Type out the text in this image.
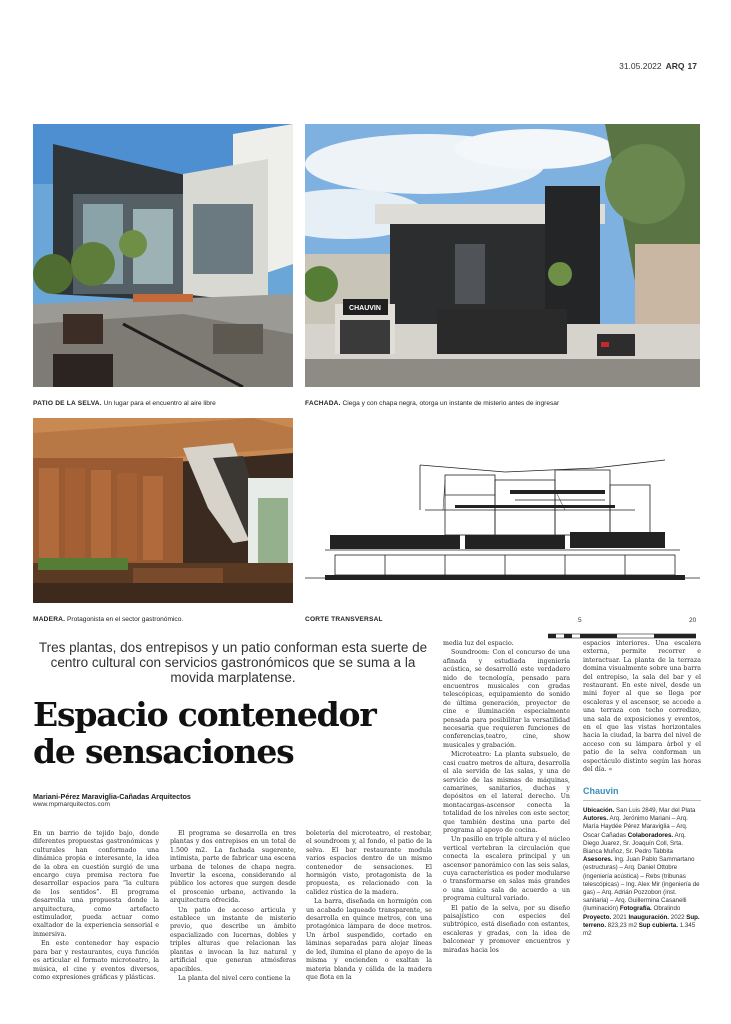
31.05.2022 ARQ 17
PATIO DE LA SELVA. Un lugar para el encuentro al aire libre
CHAUVIN
FACHADA. Ciega y con chapa negra, otorga un instante de misterio antes de ingresar
MADERA. Protagonista en el sector gastronómico.	CORTE TRANSVERSAL	5	20
Tres plantas, dos entrepisos y un patio conforman esta suerte de centro cultural con servicios gastronómicos que se suma a la movida marplatense.
Espacio contenedor
de sensaciones
Mariani-Pérez Maraviglia-Cañadas Arquitectos
www.mpmarquitectos.com

En un barrio de tejido bajo, donde diferentes propuestas gastronómicas y culturales han conformado una dinámica propia e interesante, la idea de la obra en cuestión surgió de una encargo cuya premisa rectora fue desarrollar espacios para “la cultura de los sentidos”. El programa desarrolla una propuesta donde la arquitectura, como artefacto estimulador, pueda actuar como exaltador de la experiencia sensorial e inmersiva.

En este contenedor hay espacio para bar y restaurantes, cuya función es articular el formato microteatro, la música, el cine y eventos diversos, como expresiones gráficas y plásticas.

El programa se desarrolla en tres plantas y dos entrepisos en un total de 1.500 m2. La fachada sugerente, intimista, parte de fabricar una escena urbana de telones de chapa negra. Invertir la escena, considerando al público los actores que surgen desde el proscenio urbano, activando la arquitectura ofrecida.

Un patio de acceso articula y establece un instante de misterio previo, que describe un ámbito espacializado con lucernas, dobles y triples alturas que relacionan las plantas e invocan la luz natural y artificial que generan atmósferas apacibles.

La planta del nivel cero contiene la

boletería del microteatro, el restobar, el soundroom y, al fondo, el patio de la selva. El bar restaurante modula varios espacios dentro de un mismo contenedor de sensaciones. El hormigón visto, protagonista de la propuesta, es relacionado con la calidez rústica de la madera.

La barra, diseñada en hormigón con un acabado laqueado transparente, se desarrolla en quince metros, con una protagónica lámpara de doce metros. Un árbol suspendido, cortado en láminas separadas para alojar líneas de led, ilumina el plano de apoyo de la misma y encienden o exaltan la materia blanda y cálida de la madera que flota en la

media luz del espacio.

Soundroom: Con el concurso de una afinada y estudiada ingeniería acústica, se desarrolló este verdadero nido de tecnología, pensado para encuentros musicales con gradas telescópicas, equipamiento de sonido de última generación, proyector de cine e iluminación especialmente pensada para posibilitar la versatilidad necesaria que requieren funciones de conferencias,teatro, cine, show musicales y grabación.

Microteatro: La planta subsuelo, de casi cuatro metros de altura, desarrolla el ala servida de las salas, y una de servicio de las mismas de máquinas, camarines, sanitarios, duchas y depósitos en el lateral derecho. Un montacargas-ascensor conecta la totalidad de los niveles con este sector, que también destina una parte del programa al apoyo de cocina.

Un pasillo en triple altura y el núcleo vertical vertebran la circulación que conecta la escalera principal y un ascensor panorámico con las seis salas, cuya característica es poder modularse o transformarse en salas más grandes o una única sala de acuerdo a un programa cultural variado.

El patio de la selva, por su diseño paisajístico con especies del subtrópico, está diseñado con estantes, escaleras y gradas, con la idea de balconear y promover encuentros y miradas hacia los

espacios interiores. Una escalera externa, permite recorrer e interactuar. La planta de la terraza domina visualmente sobre una barra del entrepiso, la sala del bar y el restaurant. En este nivel, desde un mini foyer al que se llega por escaleras y el ascensor, se accede a una terraza con techo corredizo, una sala de exposiciones y eventos, en el que las vistas horizontales hacia la ciudad, la barra del nivel de acceso con su lámpara árbol y el patio de la selva conforman un espectáculo distinto según las horas del día. «

Chauvin
Ubicación. San Luis 2849, Mar del Plata Autores. Arq. Jerónimo Mariani – Arq. María Haydée Pérez Maraviglia – Arq. Oscar Cañadas Colaboradores. Arq. Diego Juarez, Sr. Joaquín Coll, Srta. Bianca Muñoz, Sr. Pedro Tabbita Asesores. Ing. Juan Pablo Sammartano (estructuras) – Arq. Daniel Ottobre (ingeniería acústica) – Rebs (tribunas telescópicas) – Ing. Alex Mir (ingeniería de gas) – Arq. Adrián Pozzobon (inst. sanitaria) – Arq. Guillermina Casanelli (iluminación) Fotografía. Obralindo Proyecto. 2021 Inauguración. 2022 Sup. terreno. 823,23 m2 Sup cubierta. 1.345 m2
